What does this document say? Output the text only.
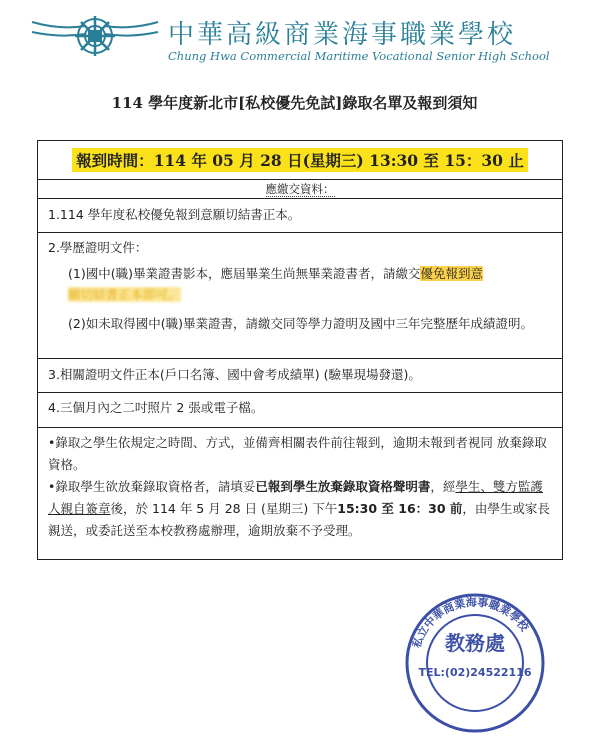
中華高級商業海事職業學校
Chung Hwa Commercial Maritime Vocational Senior High School
114 學年度新北市[私校優先免試]錄取名單及報到須知
報到時間：114 年 05 月 28 日(星期三) 13:30 至 15：30 止
應繳交資料：
1.114 學年度私校優免報到意願切結書正本。
2.學歷證明文件：
(1)國中(職)畢業證書影本，應屆畢業生尚無畢業證書者，請繳交優免報到意
願切結書正本即可。
(2)如未取得國中(職)畢業證書，請繳交同等學力證明及國中三年完整歷年成績證明。
3.相關證明文件正本(戶口名簿、國中會考成績單) (驗畢現場發還)。
4.三個月內之二吋照片 2 張或電子檔。
•錄取之學生依規定之時間、方式，並備齊相關表件前往報到，逾期未報到者視同 放棄錄取資格。
•錄取學生欲放棄錄取資格者，請填妥已報到學生放棄錄取資格聲明書，經學生、雙方監護人親自簽章後，於 114 年 5 月 28 日 (星期三) 下午15:30 至 16：30 前，由學生或家長親送，或委託送至本校教務處辦理，逾期放棄不予受理。
私立中華商業海事職業學校
教務處
TEL:(02)24522116
